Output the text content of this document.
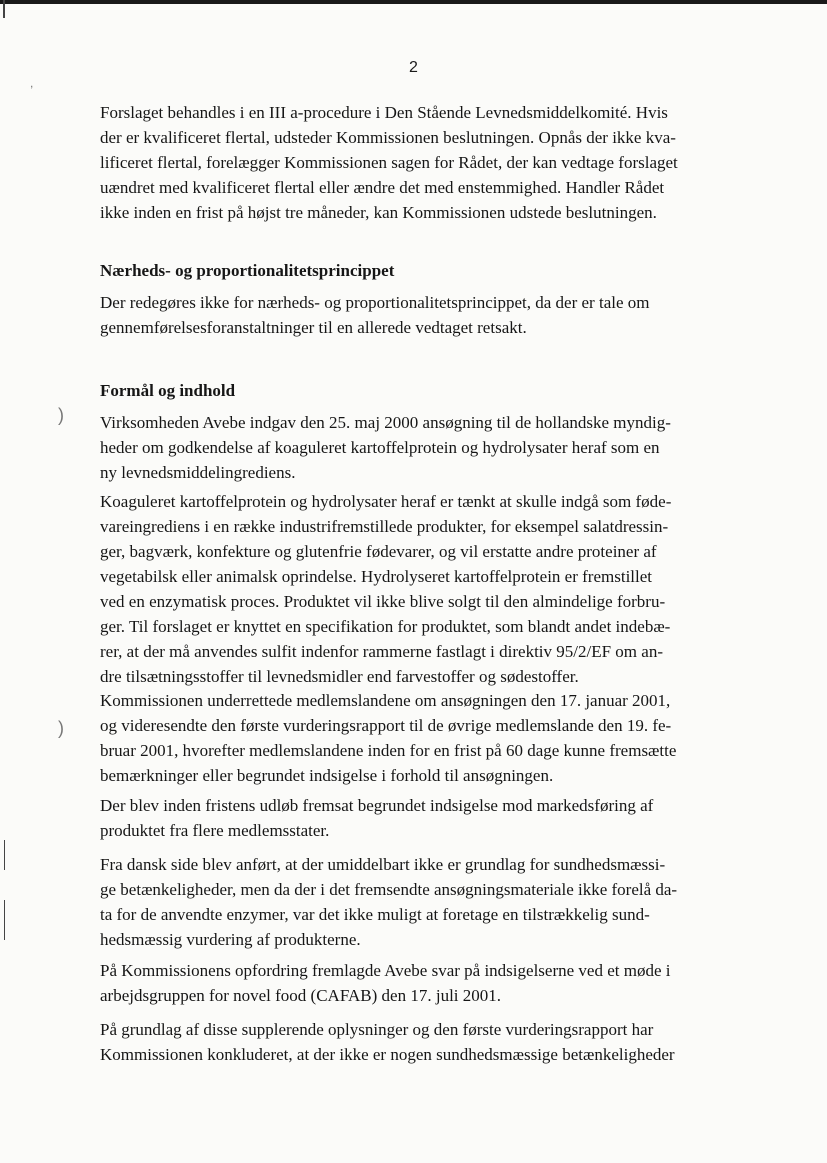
,
)
)
2
Forslaget behandles i en III a-procedure i Den Stående Levnedsmiddelkomité. Hvis
der er kvalificeret flertal, udsteder Kommissionen beslutningen. Opnås der ikke kva-
lificeret flertal, forelægger Kommissionen sagen for Rådet, der kan vedtage forslaget
uændret med kvalificeret flertal eller ændre det med enstemmighed. Handler Rådet
ikke inden en frist på højst tre måneder, kan Kommissionen udstede beslutningen.
Nærheds- og proportionalitetsprincippet
Der redegøres ikke for nærheds- og proportionalitetsprincippet, da der er tale om
gennemførelsesforanstaltninger til en allerede vedtaget retsakt.
Formål og indhold
Virksomheden Avebe indgav den 25. maj 2000 ansøgning til de hollandske myndig-
heder om godkendelse af koaguleret kartoffelprotein og hydrolysater heraf som en
ny levnedsmiddelingrediens.
Koaguleret kartoffelprotein og hydrolysater heraf er tænkt at skulle indgå som føde-
vareingrediens i en række industrifremstillede produkter, for eksempel salatdressin-
ger, bagværk, konfekture og glutenfrie fødevarer, og vil erstatte andre proteiner af
vegetabilsk eller animalsk oprindelse. Hydrolyseret kartoffelprotein er fremstillet
ved en enzymatisk proces. Produktet vil ikke blive solgt til den almindelige forbru-
ger. Til forslaget er knyttet en specifikation for produktet, som blandt andet indebæ-
rer, at der må anvendes sulfit indenfor rammerne fastlagt i direktiv 95/2/EF om an-
dre tilsætningsstoffer til levnedsmidler end farvestoffer og sødestoffer.
Kommissionen underrettede medlemslandene om ansøgningen den 17. januar 2001,
og videresendte den første vurderingsrapport til de øvrige medlemslande den 19. fe-
bruar 2001, hvorefter medlemslandene inden for en frist på 60 dage kunne fremsætte
bemærkninger eller begrundet indsigelse i forhold til ansøgningen.
Der blev inden fristens udløb fremsat begrundet indsigelse mod markedsføring af
produktet fra flere medlemsstater.
Fra dansk side blev anført, at der umiddelbart ikke er grundlag for sundhedsmæssi-
ge betænkeligheder, men da der i det fremsendte ansøgningsmateriale ikke forelå da-
ta for de anvendte enzymer, var det ikke muligt at foretage en tilstrækkelig sund-
hedsmæssig vurdering af produkterne.
På Kommissionens opfordring fremlagde Avebe svar på indsigelserne ved et møde i
arbejdsgruppen for novel food (CAFAB) den 17. juli 2001.
På grundlag af disse supplerende oplysninger og den første vurderingsrapport har
Kommissionen konkluderet, at der ikke er nogen sundhedsmæssige betænkeligheder
